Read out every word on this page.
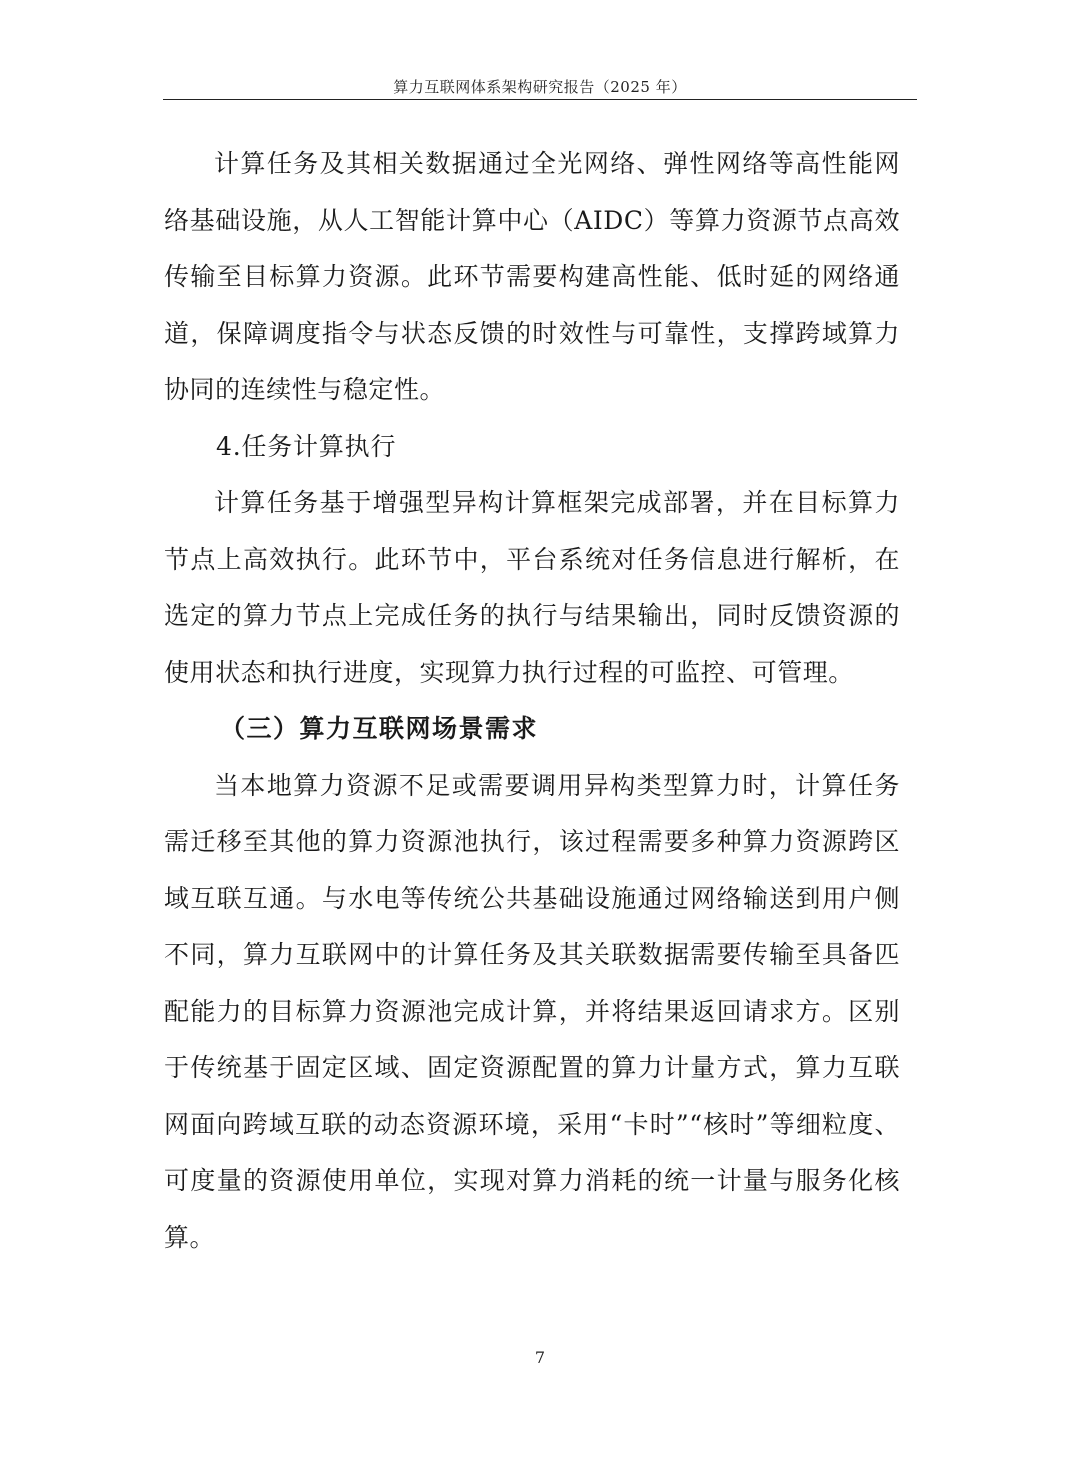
算力互联网体系架构研究报告（2025 年）

计算任务及其相关数据通过全光网络、弹性网络等高性能网络基础设施，从人工智能计算中心（AIDC）等算力资源节点高效传输至目标算力资源。此环节需要构建高性能、低时延的网络通道，保障调度指令与状态反馈的时效性与可靠性，支撑跨域算力协同的连续性与稳定性。

4.任务计算执行

计算任务基于增强型异构计算框架完成部署，并在目标算力节点上高效执行。此环节中，平台系统对任务信息进行解析，在选定的算力节点上完成任务的执行与结果输出，同时反馈资源的使用状态和执行进度，实现算力执行过程的可监控、可管理。

（三）算力互联网场景需求

当本地算力资源不足或需要调用异构类型算力时，计算任务需迁移至其他的算力资源池执行，该过程需要多种算力资源跨区域互联互通。与水电等传统公共基础设施通过网络输送到用户侧不同，算力互联网中的计算任务及其关联数据需要传输至具备匹配能力的目标算力资源池完成计算，并将结果返回请求方。区别于传统基于固定区域、固定资源配置的算力计量方式，算力互联网面向跨域互联的动态资源环境，采用“卡时”“核时”等细粒度、可度量的资源使用单位，实现对算力消耗的统一计量与服务化核算。

7
